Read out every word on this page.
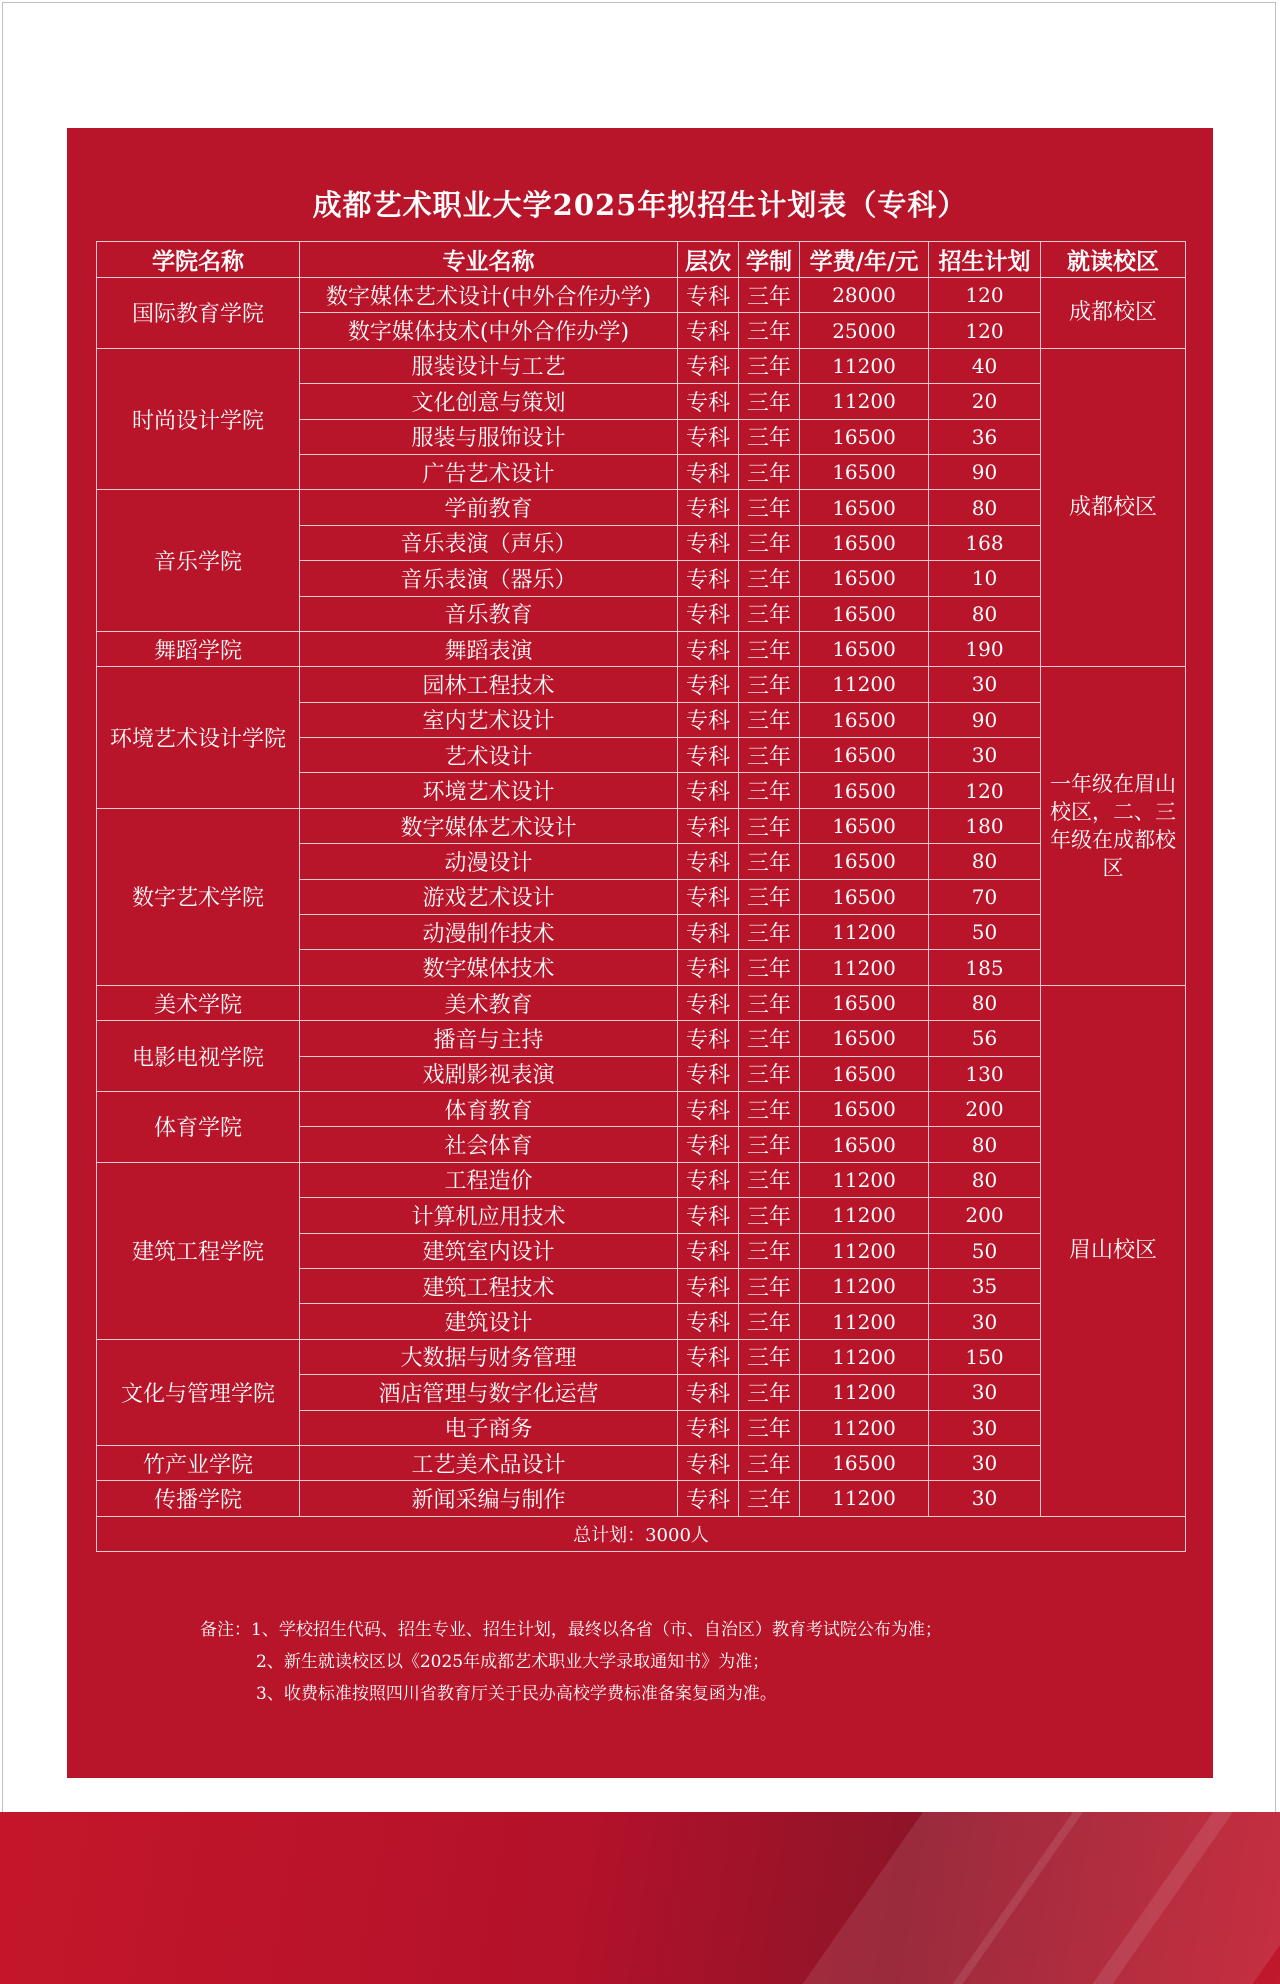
成都艺术职业大学2025年拟招生计划表（专科）
学院名称	专业名称	层次	学制	学费/年/元	招生计划	就读校区
国际教育学院	数字媒体艺术设计(中外合作办学)	专科	三年	28000	120	成都校区
	数字媒体技术(中外合作办学)	专科	三年	25000	120	
时尚设计学院	服装设计与工艺	专科	三年	11200	40	成都校区
	文化创意与策划	专科	三年	11200	20	
	服装与服饰设计	专科	三年	16500	36	
	广告艺术设计	专科	三年	16500	90	
音乐学院	学前教育	专科	三年	16500	80	
	音乐表演（声乐）	专科	三年	16500	168	
	音乐表演（器乐）	专科	三年	16500	10	
	音乐教育	专科	三年	16500	80	
舞蹈学院	舞蹈表演	专科	三年	16500	190	
环境艺术设计学院	园林工程技术	专科	三年	11200	30	一年级在眉山校区，二、三年级在成都校区
	室内艺术设计	专科	三年	16500	90	
	艺术设计	专科	三年	16500	30	
	环境艺术设计	专科	三年	16500	120	
数字艺术学院	数字媒体艺术设计	专科	三年	16500	180	
	动漫设计	专科	三年	16500	80	
	游戏艺术设计	专科	三年	16500	70	
	动漫制作技术	专科	三年	11200	50	
	数字媒体技术	专科	三年	11200	185	
美术学院	美术教育	专科	三年	16500	80	眉山校区
电影电视学院	播音与主持	专科	三年	16500	56	
	戏剧影视表演	专科	三年	16500	130	
体育学院	体育教育	专科	三年	16500	200	
	社会体育	专科	三年	16500	80	
建筑工程学院	工程造价	专科	三年	11200	80	
	计算机应用技术	专科	三年	11200	200	
	建筑室内设计	专科	三年	11200	50	
	建筑工程技术	专科	三年	11200	35	
	建筑设计	专科	三年	11200	30	
文化与管理学院	大数据与财务管理	专科	三年	11200	150	
	酒店管理与数字化运营	专科	三年	11200	30	
	电子商务	专科	三年	11200	30	
竹产业学院	工艺美术品设计	专科	三年	16500	30	
传播学院	新闻采编与制作	专科	三年	11200	30	
总计划：3000人						
备注：1、学校招生代码、招生专业、招生计划，最终以各省（市、自治区）教育考试院公布为准；
2、新生就读校区以《2025年成都艺术职业大学录取通知书》为准；
3、收费标准按照四川省教育厅关于民办高校学费标准备案复函为准。
